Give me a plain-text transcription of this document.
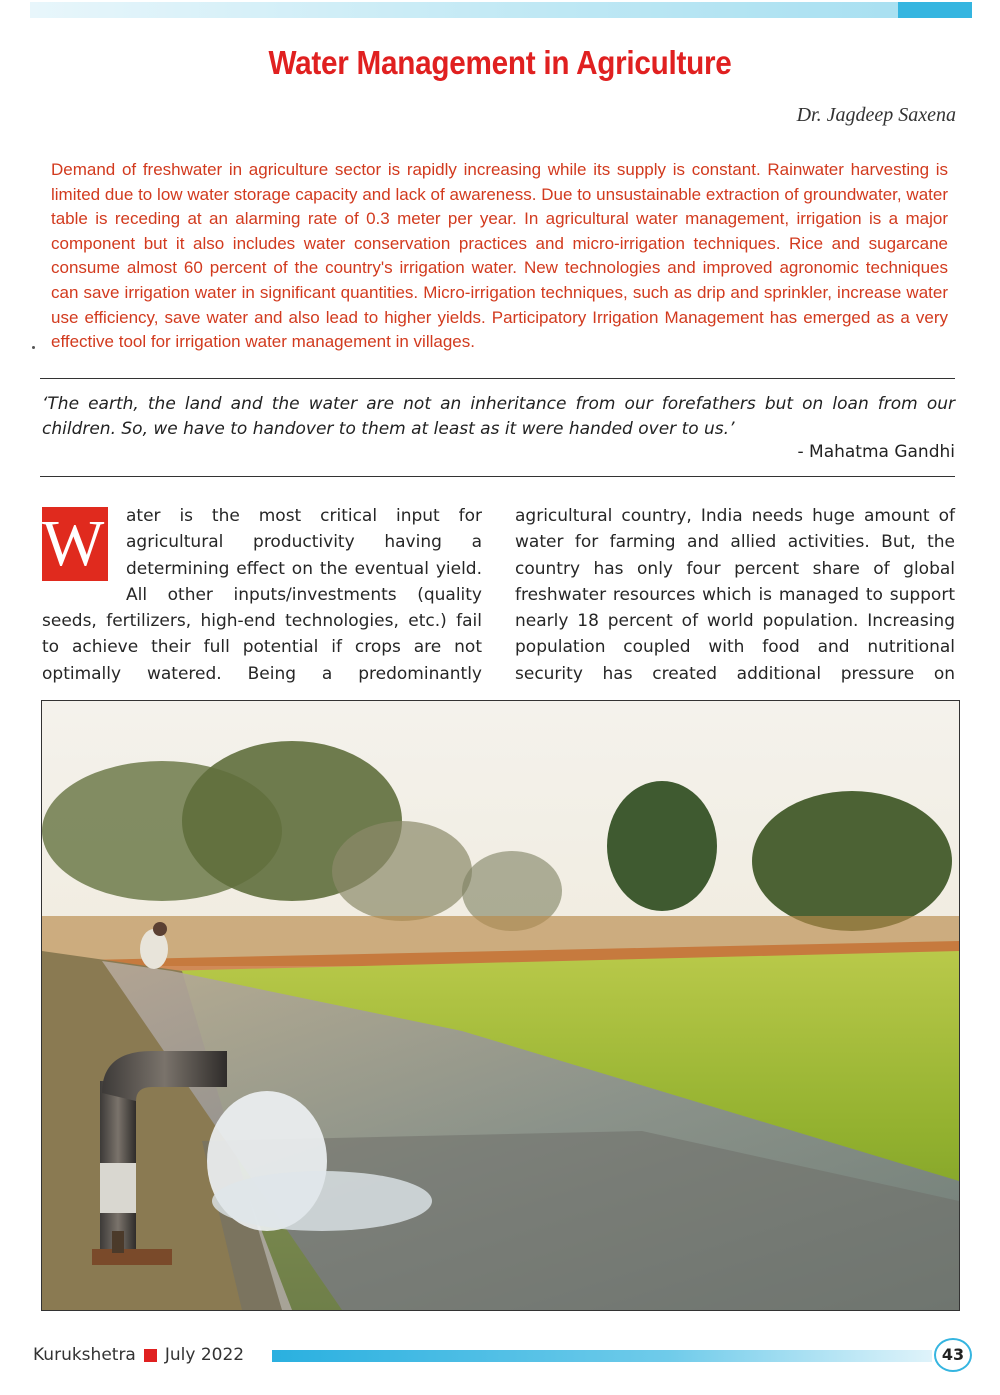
Water Management in Agriculture
Dr. Jagdeep Saxena

Demand of freshwater in agriculture sector is rapidly increasing while its supply is constant. Rainwater harvesting is limited due to low water storage capacity and lack of awareness. Due to unsustainable extraction of groundwater, water table is receding at an alarming rate of 0.3 meter per year. In agricultural water management, irrigation is a major component but it also includes water conservation practices and micro-irrigation techniques. Rice and sugarcane consume almost 60 percent of the country's irrigation water. New technologies and improved agronomic techniques can save irrigation water in significant quantities. Micro-irrigation techniques, such as drip and sprinkler, increase water use efficiency, save water and also lead to higher yields. Participatory Irrigation Management has emerged as a very effective tool for irrigation water management in villages.

‘The earth, the land and the water are not an inheritance from our forefathers but on loan from our children. So, we have to handover to them at least as it were handed over to us.’

- Mahatma Gandhi
W ater is the most critical input for agricultural productivity having a determining effect on the eventual yield. All other inputs/investments (quality seeds, fertilizers, high-end technologies, etc.) fail to achieve their full potential if crops are not optimally watered. Being a predominantly
agricultural country, India needs huge amount of water for farming and allied activities. But, the country has only four percent share of global freshwater resources which is managed to support nearly 18 percent of world population. Increasing population coupled with food and nutritional security has created additional pressure on
Kurukshetra July 2022	43
